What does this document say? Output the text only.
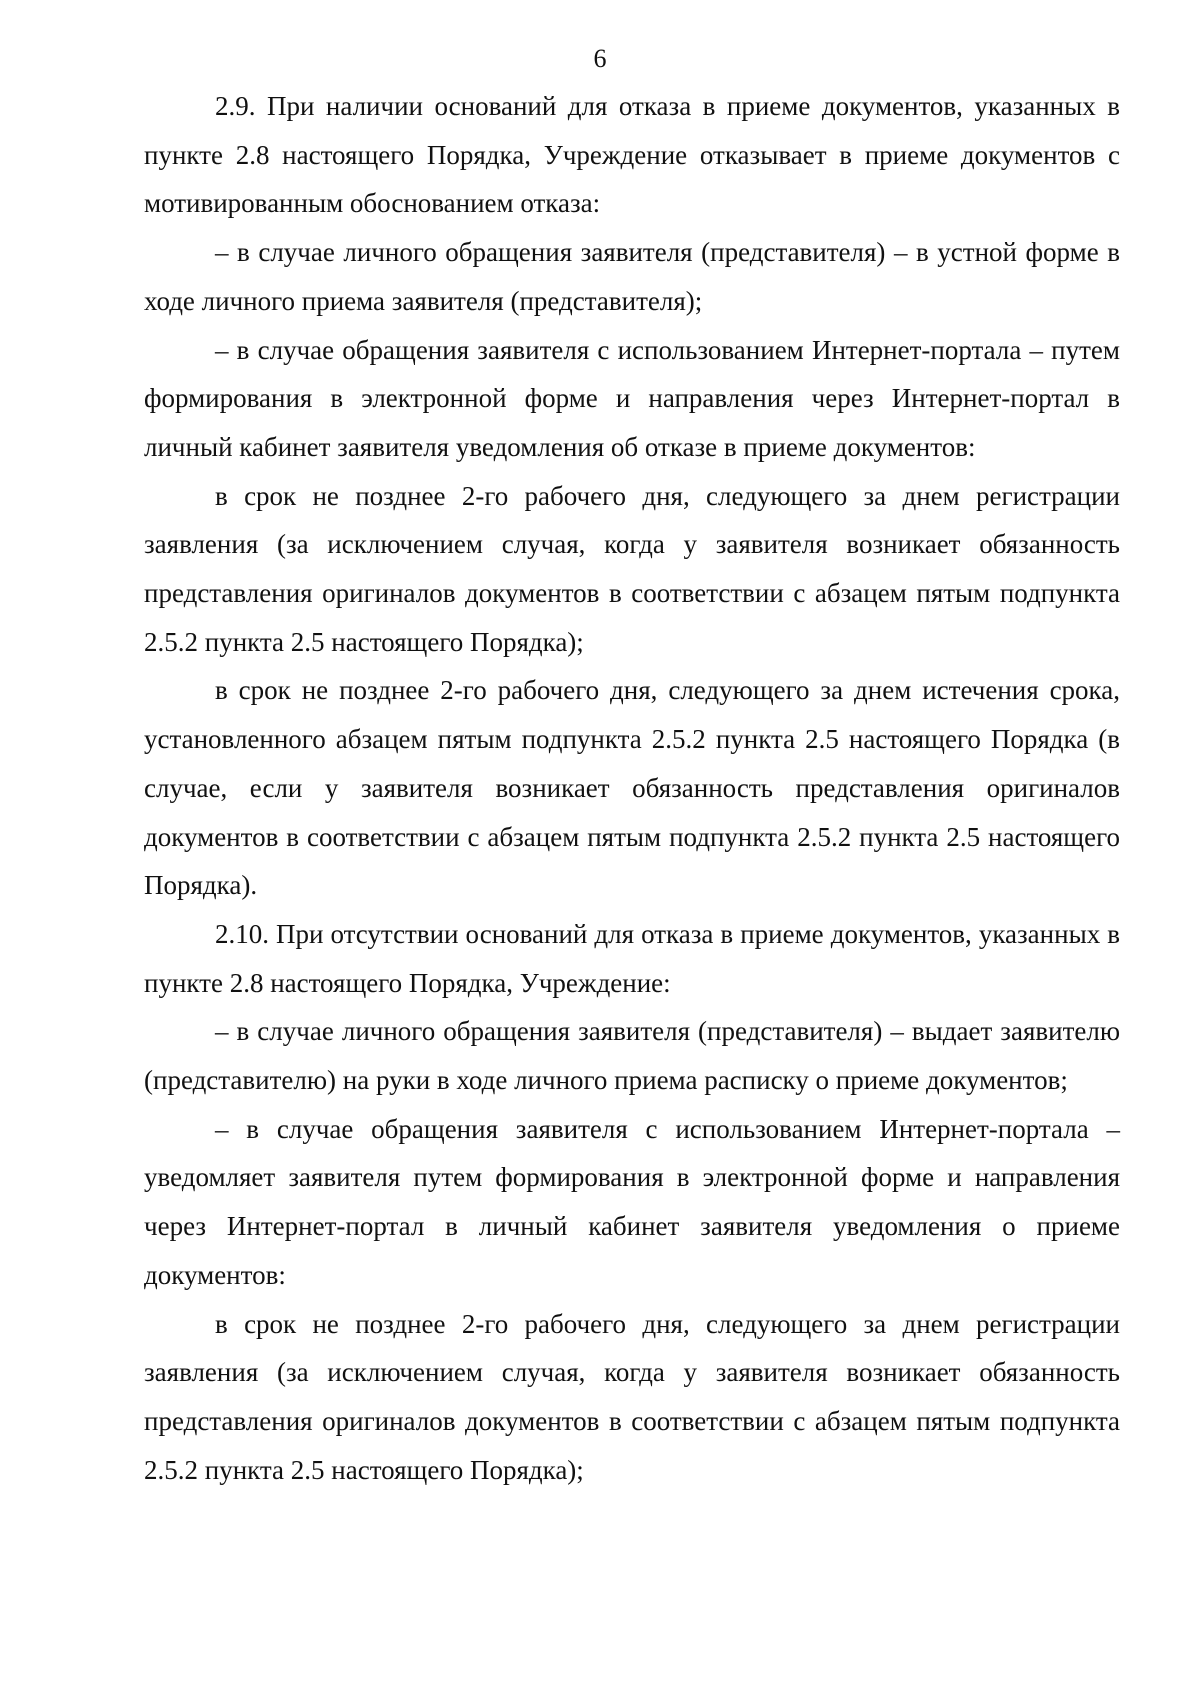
6

2.9. При наличии оснований для отказа в приеме документов, указанных в пункте 2.8 настоящего Порядка, Учреждение отказывает в приеме документов с мотивированным обоснованием отказа:

– в случае личного обращения заявителя (представителя) – в устной форме в ходе личного приема заявителя (представителя);

– в случае обращения заявителя с использованием Интернет-портала – путем формирования в электронной форме и направления через Интернет-портал в личный кабинет заявителя уведомления об отказе в приеме документов:

в срок не позднее 2-го рабочего дня, следующего за днем регистрации заявления (за исключением случая, когда у заявителя возникает обязанность представления оригиналов документов в соответствии с абзацем пятым подпункта 2.5.2 пункта 2.5 настоящего Порядка);

в срок не позднее 2-го рабочего дня, следующего за днем истечения срока, установленного абзацем пятым подпункта 2.5.2 пункта 2.5 настоящего Порядка (в случае, если у заявителя возникает обязанность представления оригиналов документов в соответствии с абзацем пятым подпункта 2.5.2 пункта 2.5 настоящего Порядка).

2.10. При отсутствии оснований для отказа в приеме документов, указанных в пункте 2.8 настоящего Порядка, Учреждение:

– в случае личного обращения заявителя (представителя) – выдает заявителю (представителю) на руки в ходе личного приема расписку о приеме документов;

– в случае обращения заявителя с использованием Интернет-портала – уведомляет заявителя путем формирования в электронной форме и направления через Интернет-портал в личный кабинет заявителя уведомления о приеме документов:

в срок не позднее 2-го рабочего дня, следующего за днем регистрации заявления (за исключением случая, когда у заявителя возникает обязанность представления оригиналов документов в соответствии с абзацем пятым подпункта 2.5.2 пункта 2.5 настоящего Порядка);
